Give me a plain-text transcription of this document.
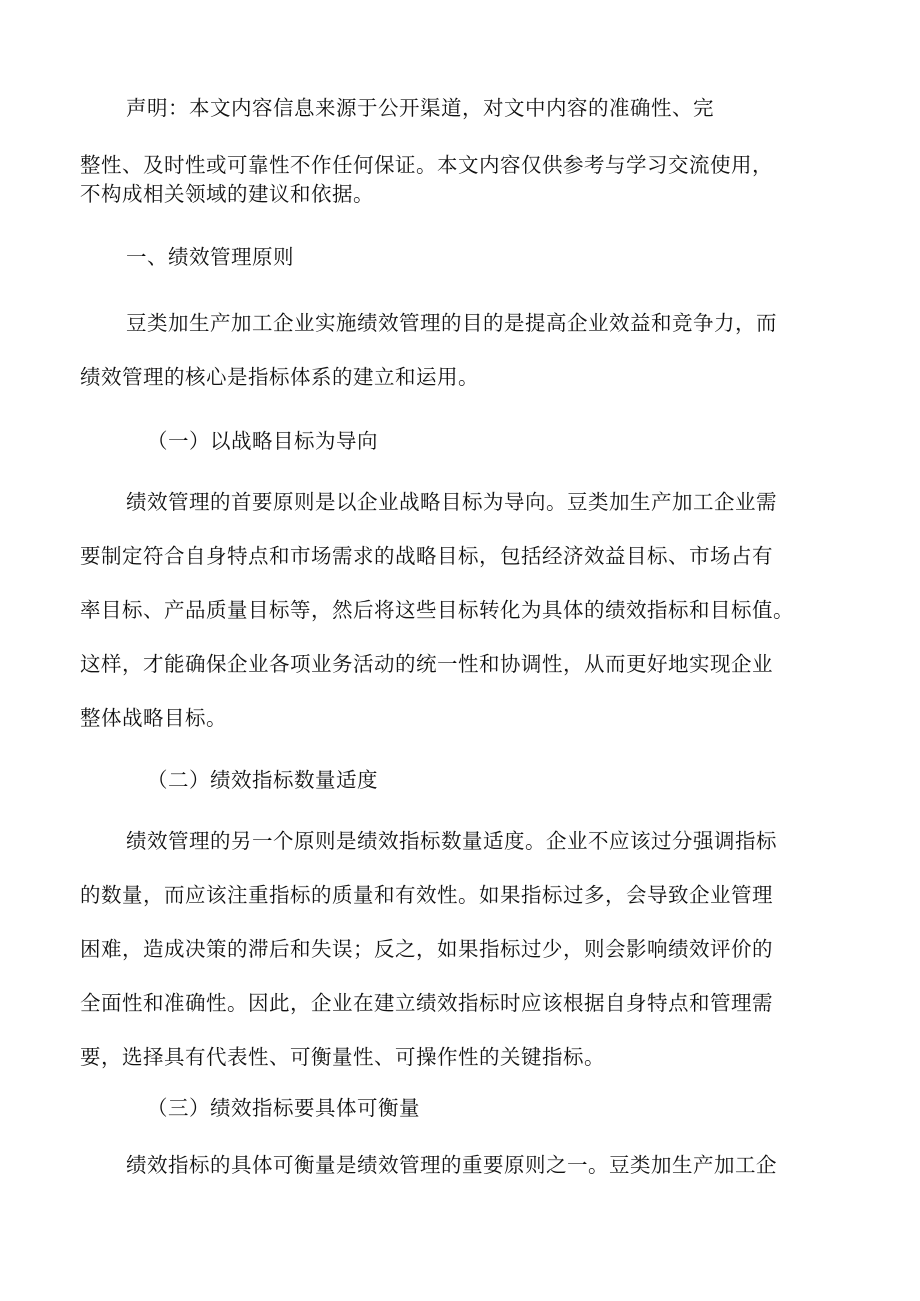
声明：本文内容信息来源于公开渠道，对文中内容的准确性、完
整性、及时性或可靠性不作任何保证。本文内容仅供参考与学习交流使用，
不构成相关领域的建议和依据。
一、绩效管理原则
豆类加生产加工企业实施绩效管理的目的是提高企业效益和竞争力，而
绩效管理的核心是指标体系的建立和运用。
（一）以战略目标为导向
绩效管理的首要原则是以企业战略目标为导向。豆类加生产加工企业需
要制定符合自身特点和市场需求的战略目标，包括经济效益目标、市场占有
率目标、产品质量目标等，然后将这些目标转化为具体的绩效指标和目标值。
这样，才能确保企业各项业务活动的统一性和协调性，从而更好地实现企业
整体战略目标。
（二）绩效指标数量适度
绩效管理的另一个原则是绩效指标数量适度。企业不应该过分强调指标
的数量，而应该注重指标的质量和有效性。如果指标过多，会导致企业管理
困难，造成决策的滞后和失误；反之，如果指标过少，则会影响绩效评价的
全面性和准确性。因此，企业在建立绩效指标时应该根据自身特点和管理需
要，选择具有代表性、可衡量性、可操作性的关键指标。
（三）绩效指标要具体可衡量
绩效指标的具体可衡量是绩效管理的重要原则之一。豆类加生产加工企
